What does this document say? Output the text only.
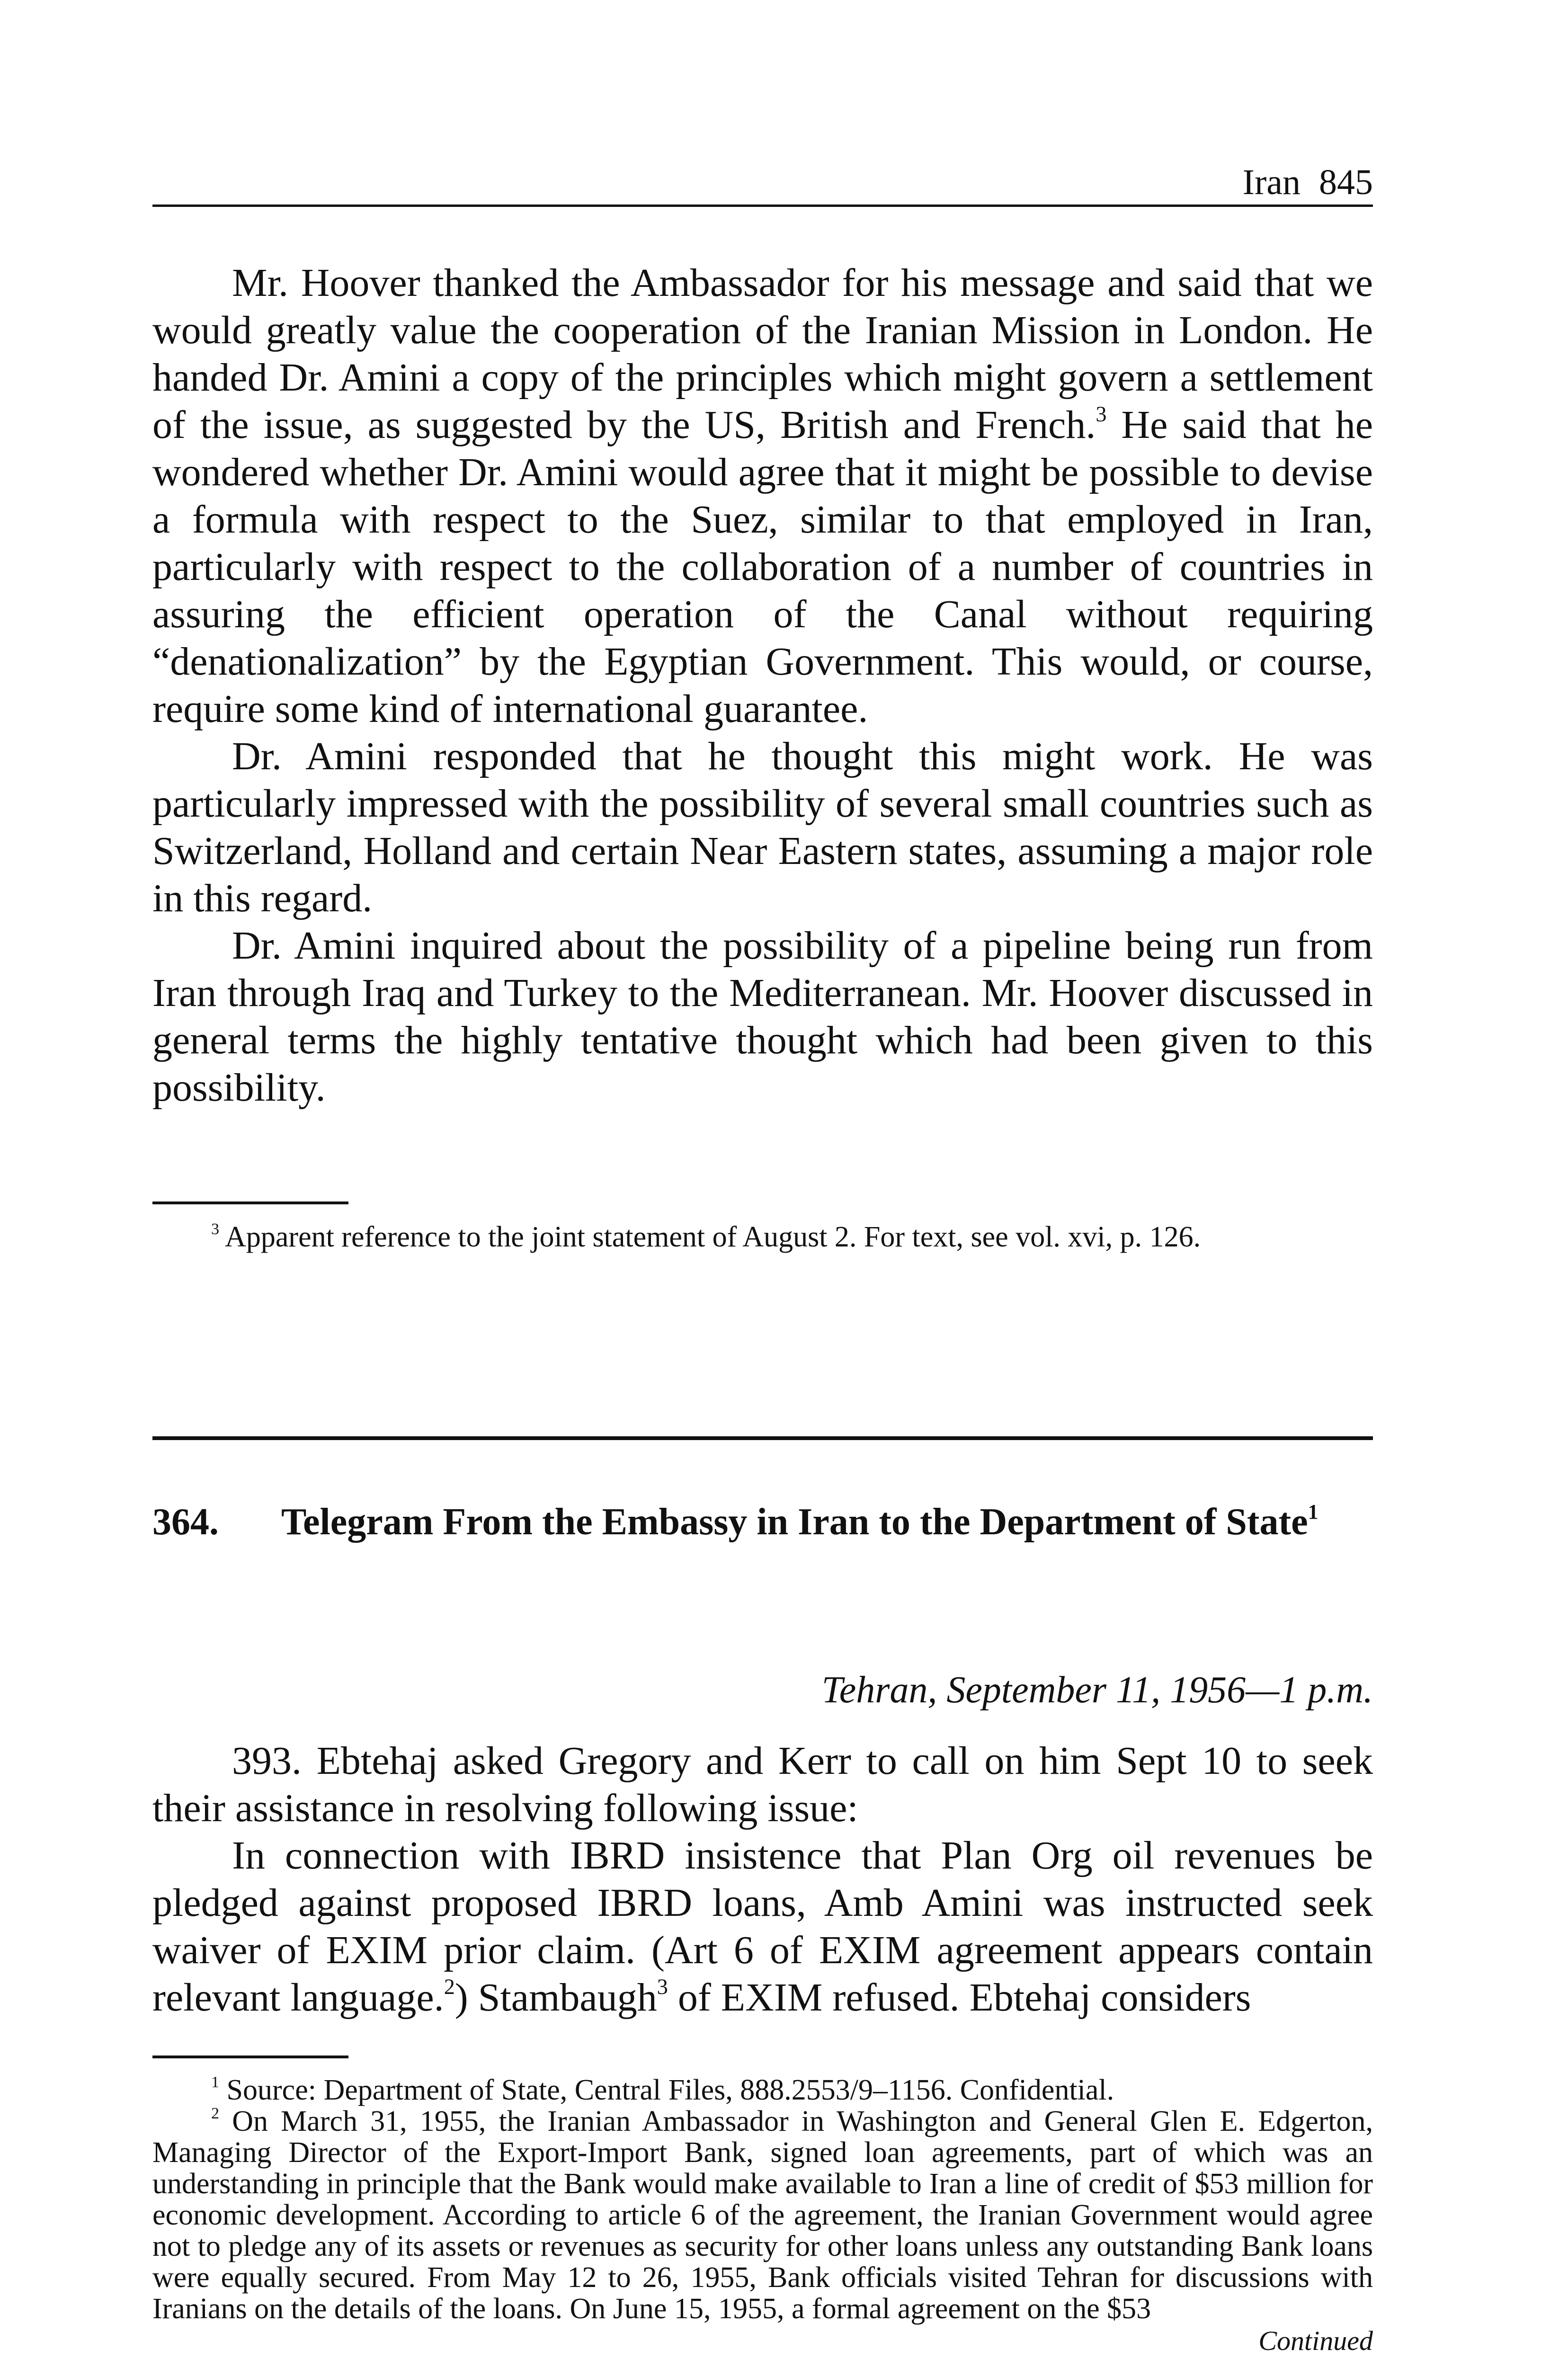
Iran 845

Mr. Hoover thanked the Ambassador for his message and said that we would greatly value the cooperation of the Iranian Mission in London. He handed Dr. Amini a copy of the principles which might govern a settlement of the issue, as suggested by the US, British and French.$^3$ He said that he wondered whether Dr. Amini would agree that it might be possible to devise a formula with respect to the Suez, similar to that employed in Iran, particularly with respect to the collaboration of a number of countries in assuring the efficient operation of the Canal without requiring “denationalization” by the Egyptian Government. This would, or course, require some kind of international guarantee.

Dr. Amini responded that he thought this might work. He was particularly impressed with the possibility of several small countries such as Switzerland, Holland and certain Near Eastern states, assuming a major role in this regard.

Dr. Amini inquired about the possibility of a pipeline being run from Iran through Iraq and Turkey to the Mediterranean. Mr. Hoover discussed in general terms the highly tentative thought which had been given to this possibility.

$^3$ Apparent reference to the joint statement of August 2. For text, see vol. xvi, p. 126.

364. Telegram From the Embassy in Iran to the Department of State$^1$
Tehran, September 11, 1956—1 p.m.

393. Ebtehaj asked Gregory and Kerr to call on him Sept 10 to seek their assistance in resolving following issue:

In connection with IBRD insistence that Plan Org oil revenues be pledged against proposed IBRD loans, Amb Amini was instructed seek waiver of EXIM prior claim. (Art 6 of EXIM agreement appears contain relevant language.$^2$) Stambaugh$^3$ of EXIM refused. Ebtehaj considers

$^1$ Source: Department of State, Central Files, 888.2553/9–1156. Confidential.

$^2$ On March 31, 1955, the Iranian Ambassador in Washington and General Glen E. Edgerton, Managing Director of the Export-Import Bank, signed loan agreements, part of which was an understanding in principle that the Bank would make available to Iran a line of credit of $53 million for economic development. According to article 6 of the agreement, the Iranian Government would agree not to pledge any of its assets or revenues as security for other loans unless any outstanding Bank loans were equally secured. From May 12 to 26, 1955, Bank officials visited Tehran for discussions with Iranians on the details of the loans. On June 15, 1955, a formal agreement on the $53

Continued
